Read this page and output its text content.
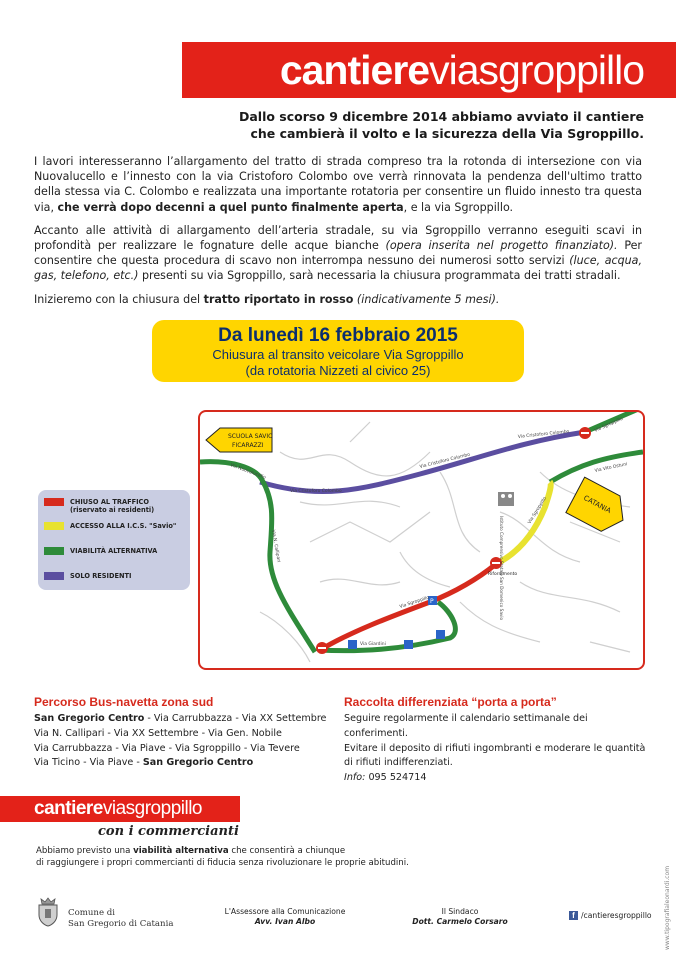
cantiere viasgroppillo
Dallo scorso 9 dicembre 2014 abbiamo avviato il cantiere
che cambierà il volto e la sicurezza della Via Sgroppillo.

I lavori interesseranno l’allargamento del tratto di strada compreso tra la rotonda di intersezione con via Nuovalucello e l’innesto con la via Cristoforo Colombo ove verrà rinnovata la pendenza dell'ultimo tratto della stessa via C. Colombo e realizzata una importante rotatoria per consentire un fluido innesto tra questa via, che verrà dopo decenni a quel punto finalmente aperta, e la via Sgroppillo.

Accanto alle attività di allargamento dell’arteria stradale, su via Sgroppillo verranno eseguiti scavi in profondità per realizzare le fognature delle acque bianche (opera inserita nel progetto finanziato). Per consentire che questa procedura di scavo non interrompa nessuno dei numerosi sotto servizi (luce, acqua, gas, telefono, etc.) presenti su via Sgroppillo, sarà necessaria la chiusura programmata dei tratti stradali.

Inizieremo con la chiusura del tratto riportato in rosso (indicativamente 5 mesi).

Da lunedì 16 febbraio 2015
Chiusura al transito veicolare Via Sgroppillo
(da rotatoria Nizzeti al civico 25)
SCUOLA SAVIO
FICARAZZI
CATANIA
Via Cristoforo Colombo
Via Cristoforo Colombo
Via Cristoforo Colombo
Via Nuovalucello
Via N. Callipari
Via Sgroppillo
Via Sgroppillo
Via Sgroppillo
Via Vito Ostuni
Via Giardini
Rifornimento
Istituto Comprensivo Statale San Domenico Savio
P
CHIUSO AL TRAFFICO
(riservato ai residenti)
ACCESSO ALLA I.C.S. "Savio"
VIABILITÀ ALTERNATIVA
SOLO RESIDENTI
Percorso Bus-navetta zona sud
San Gregorio Centro - Via Carrubbazza - Via XX Settembre
Via N. Callipari - Via XX Settembre - Via Gen. Nobile
Via Carrubbazza - Via Piave - Via Sgroppillo - Via Tevere
Via Ticino - Via Piave - San Gregorio Centro
Raccolta differenziata “porta a porta”
Seguire regolarmente il calendario settimanale dei conferimenti.
Evitare il deposito di rifiuti ingombranti e moderare le quantità
di rifiuti indifferenziati.
Info: 095 524714
cantiere viasgroppillo
con i commercianti
Abbiamo previsto una viabilità alternativa che consentirà a chiunque
di raggiungere i propri commercianti di fiducia senza rivoluzionare le proprie abitudini.
Comune di
San Gregorio di Catania
L'Assessore alla Comunicazione
Avv. Ivan Albo
Il Sindaco
Dott. Carmelo Corsaro
f /cantieresgroppillo www.tipografialeonardi.com
